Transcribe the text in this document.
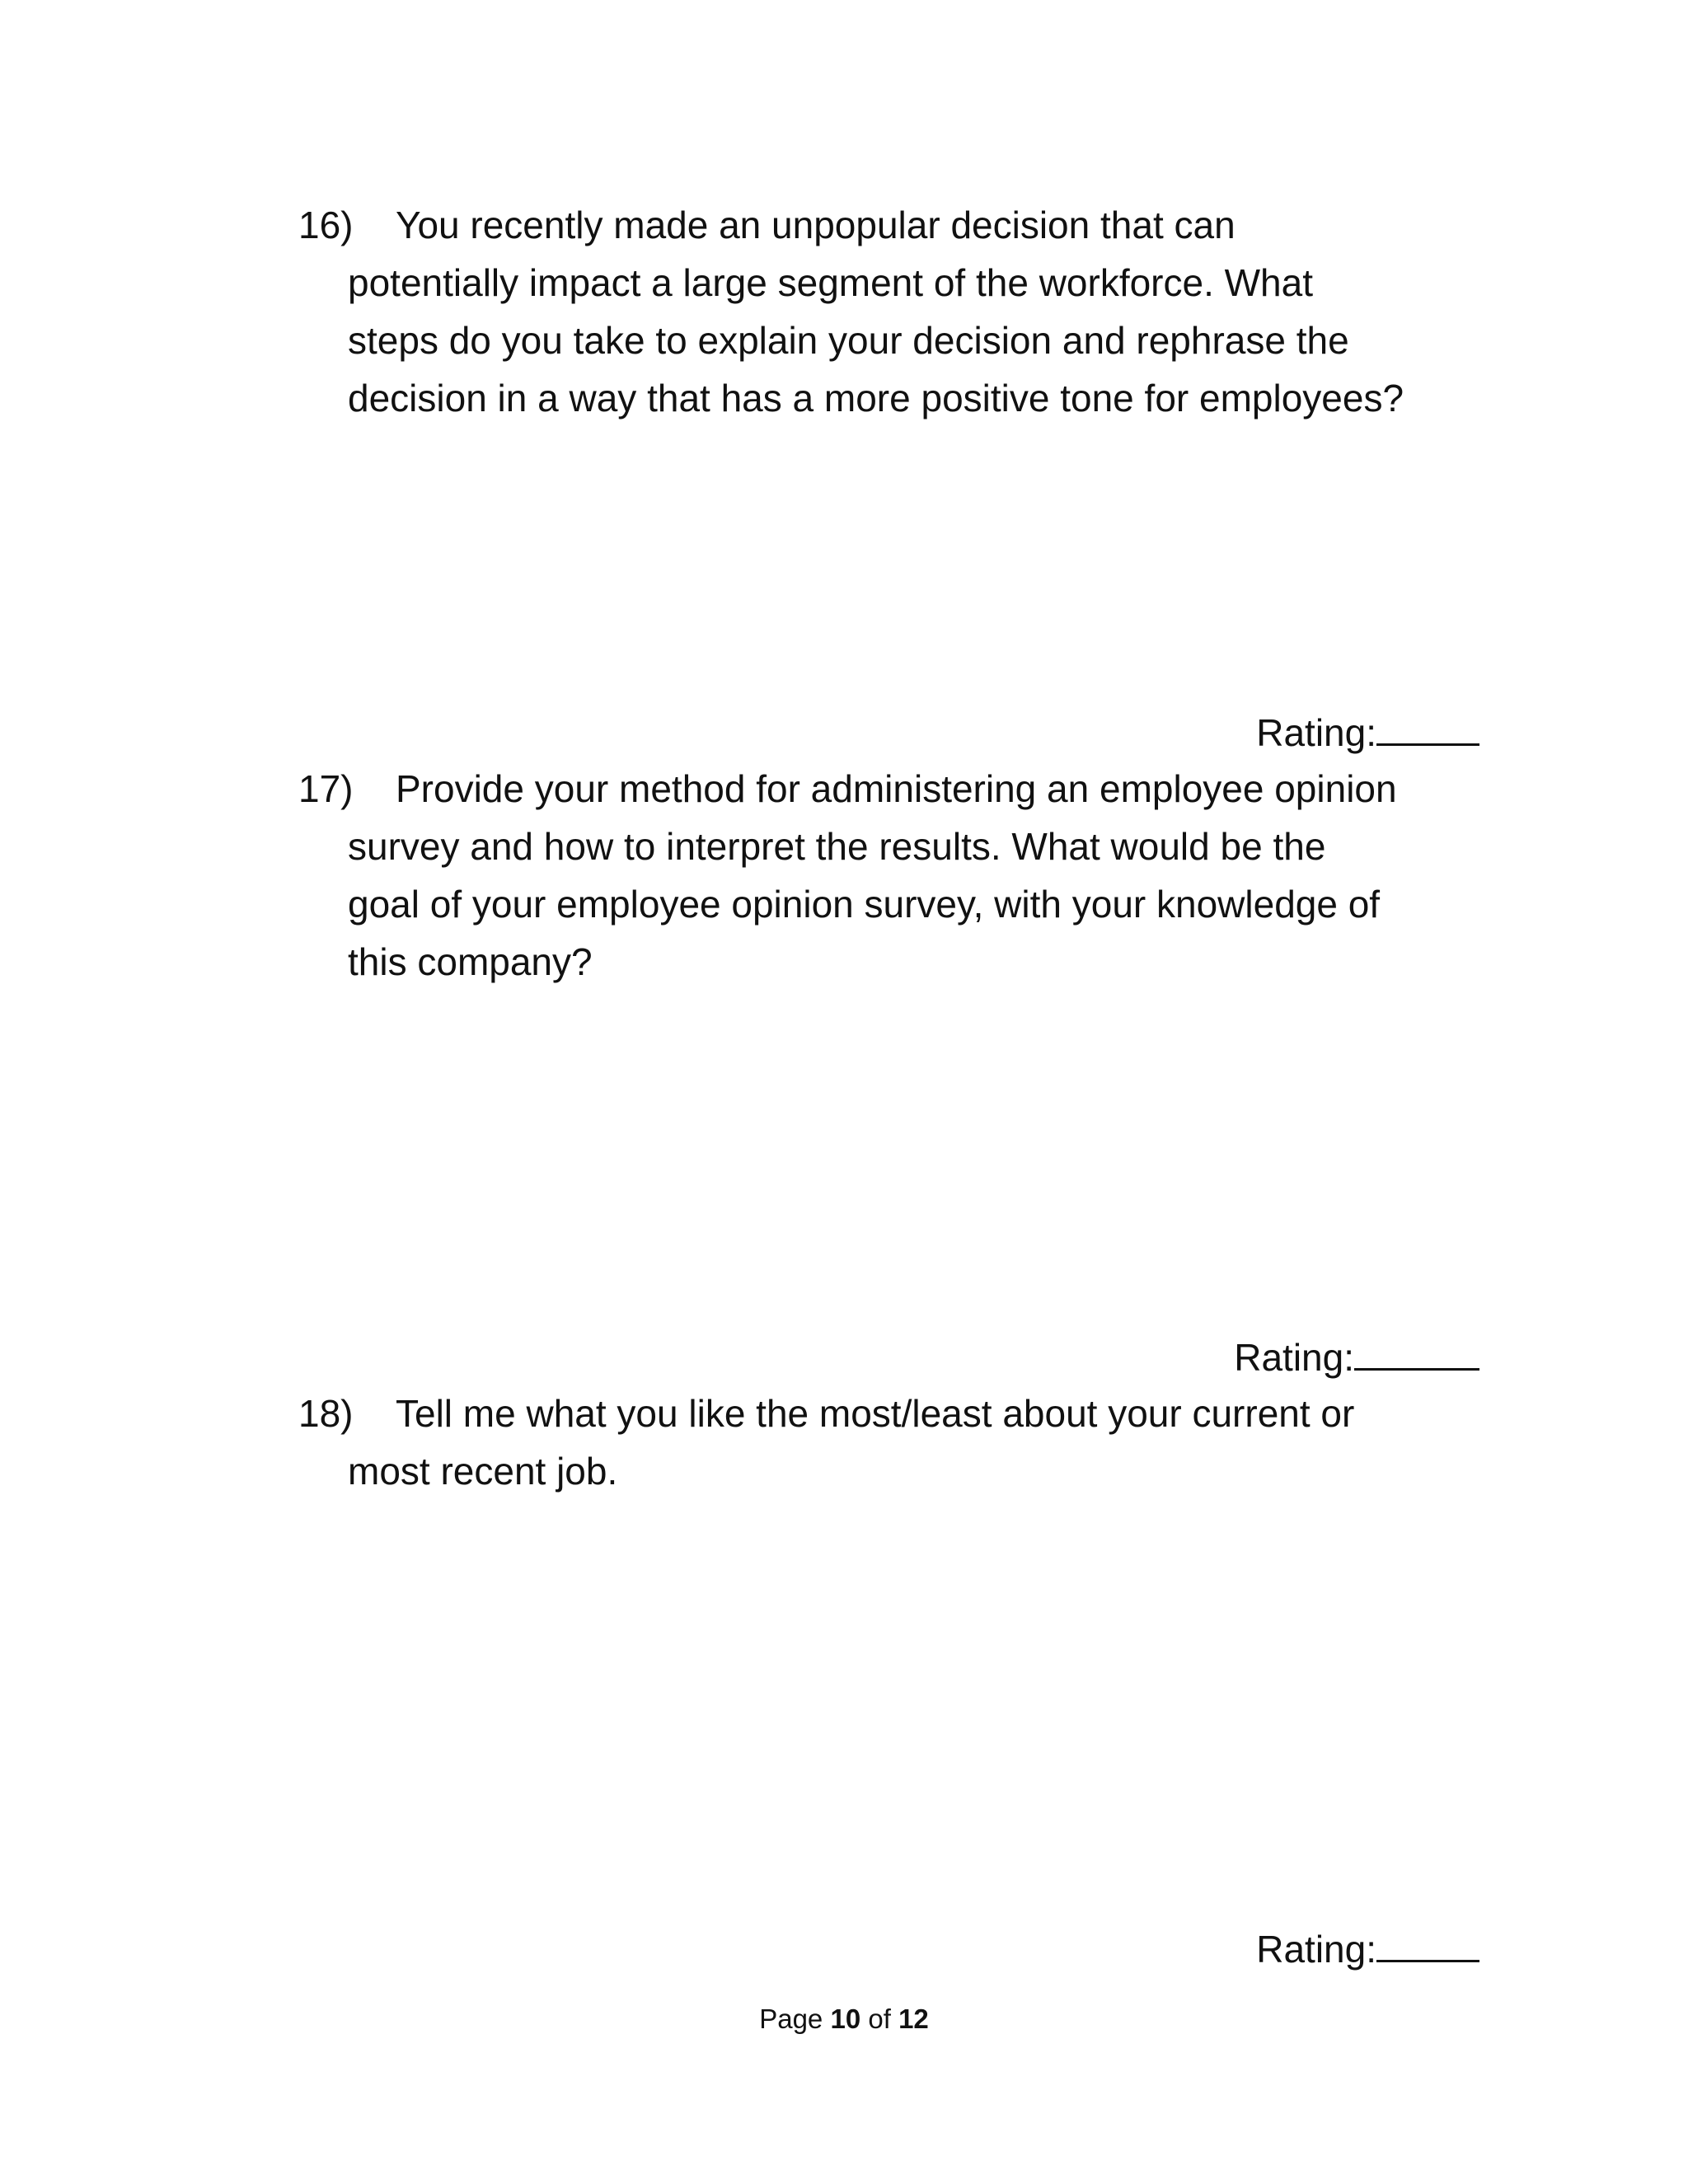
16)	You recently made an unpopular decision that can
potentially impact a large segment of the workforce. What
steps do you take to explain your decision and rephrase the
decision in a way that has a more positive tone for employees?
Rating:
17)	Provide your method for administering an employee opinion
survey and how to interpret the results. What would be the
goal of your employee opinion survey, with your knowledge of
this company?
Rating:
18)	Tell me what you like the most/least about your current or
most recent job.
Rating:
Page 10 of 12
